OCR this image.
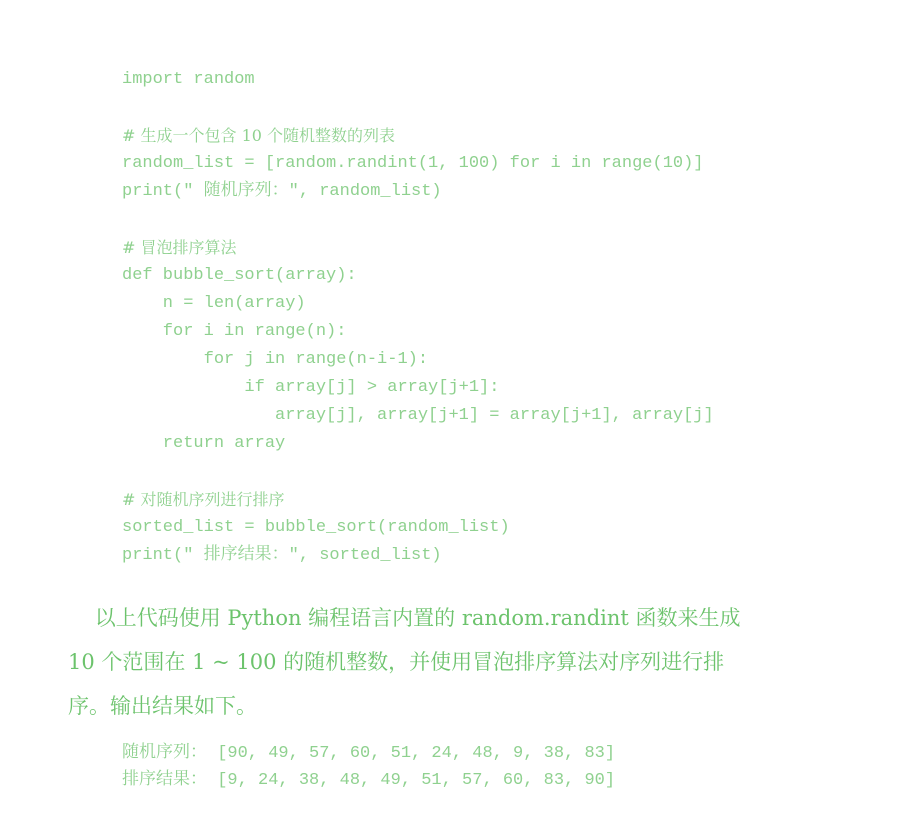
import random
# 生成一个包含 10 个随机整数的列表
random_list = [random.randint(1, 100) for i in range(10)]
print(" 随机序列：", random_list)
# 冒泡排序算法
def bubble_sort(array):
n = len(array)
for i in range(n):
for j in range(n-i-1):
if array[j] > array[j+1]:
array[j], array[j+1] = array[j+1], array[j]
return array
# 对随机序列进行排序
sorted_list = bubble_sort(random_list)
print(" 排序结果：", sorted_list)
以上代码使用 Python 编程语言内置的 random.randint 函数来生成
10 个范围在 1 ~ 100 的随机整数，并使用冒泡排序算法对序列进行排
序。输出结果如下。
随机序列： [90, 49, 57, 60, 51, 24, 48, 9, 38, 83]
排序结果： [9, 24, 38, 48, 49, 51, 57, 60, 83, 90]
